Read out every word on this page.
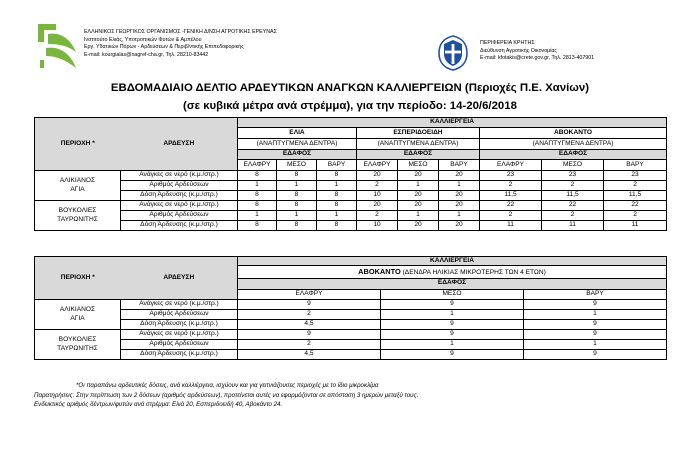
ΕΛΛΗΝΙΚΟΣ ΓΕΩΡΓΙΚΟΣ ΟΡΓΑΝΙΣΜΟΣ -ΓΕΝΙΚΗ Δ/ΝΣΗ ΑΓΡΟΤΙΚΗΣ ΕΡΕΥΝΑΣ
Ινστιτούτο Ελιάς, Υποτροπικών Φυτών & Αμπέλου
Εργ. Υδατικών Πόρων - Αρδεύσεων & Περιβ/ντικής Επιπεδοφορικής
E-mail: kourgialas@nagref-cha.gr, Τηλ. 28210-83442
ΠΕΡΙΦΕΡΕΙΑ ΚΡΗΤΗΣ
Διεύθυνση Αγροτικής Οικονομίας
E-mail: kfotakis@crete.gov.gr, Τηλ. 2813-407901
ΕΒΔΟΜΑΔΙΑΙΟ ΔΕΛΤΙΟ ΑΡΔΕΥΤΙΚΩΝ ΑΝΑΓΚΩΝ ΚΑΛΛΙΕΡΓΕΙΩΝ (Περιοχές Π.Ε. Χανίων)
(σε κυβικά μέτρα ανά στρέμμα), για την περίοδο: 14-20/6/2018
ΠΕΡΙΟΧΗ * ΑΡΔΕΥΣΗ		ΚΑΛΛΙΕΡΓΕΙΑ								
		ΕΛΙΑ			ΕΣΠΕΡΙΔΟΕΙΔΗ			ΑΒΟΚΑΝΤΟ		
		(ΑΝΑΠΤΥΓΜΕΝΑ ΔΕΝΤΡΑ)			(ΑΝΑΠΤΥΓΜΕΝΑ ΔΕΝΤΡΑ)			(ΑΝΑΠΤΥΓΜΕΝΑ ΔΕΝΤΡΑ)		
		ΕΔΑΦΟΣ			ΕΔΑΦΟΣ			ΕΔΑΦΟΣ		
		ΕΛΑΦΡΥ	ΜΕΣΟ	ΒΑΡΥ	ΕΛΑΦΡΥ	ΜΕΣΟ	ΒΑΡΥ	ΕΛΑΦΡΥ	ΜΕΣΟ	ΒΑΡΥ

ΑΛΙΚΙΑΝΟΣ
ΑΓΙΑ	Ανάγκες σε νερό (κ.μ./στρ.)	8	8	8	20	20	20	23	23	23
	Αριθμός Αρδεύσεων	1	1	1	2	1	1	2	2	2
	Δόση Άρδευσης (κ.μ./στρ.)	8	8	8	10	20	20	11,5	11,5	11,5

ΒΟΥΚΟΛΙΕΣ
ΤΑΥΡΩΝΙΤΗΣ	Ανάγκες σε νερό (κ.μ./στρ.)	8	8	8	20	20	20	22	22	22
	Αριθμός Αρδεύσεων	1	1	1	2	1	1	2	2	2
	Δόση Άρδευσης (κ.μ./στρ.)	8	8	8	10	20	20	11	11	11
ΠΕΡΙΟΧΗ * ΑΡΔΕΥΣΗ		ΚΑΛΛΙΕΡΓΕΙΑ		
		ΑΒΟΚΑΝΤΟ (ΔΕΝΔΡΑ ΗΛΙΚΙΑΣ ΜΙΚΡΟΤΕΡΗΣ ΤΩΝ 4 ΕΤΩΝ)		
		ΕΔΑΦΟΣ		
		ΕΛΑΦΡΥ	ΜΕΣΟ	ΒΑΡΥ

ΑΛΙΚΙΑΝΟΣ
ΑΓΙΑ	Ανάγκες σε νερό (κ.μ./στρ.)	9	9	9
	Αριθμός Αρδεύσεων	2	1	1
	Δόση Άρδευσης (κ.μ./στρ.)	4,5	9	9

ΒΟΥΚΟΛΙΕΣ
ΤΑΥΡΩΝΙΤΗΣ	Ανάγκες σε νερό (κ.μ./στρ.)	9	9	9
	Αριθμός Αρδεύσεων	2	1	1
	Δόση Άρδευσης (κ.μ./στρ.)	4,5	9	9
*Οι παραπάνω αρδευτικές δόσεις, ανά καλλιέργεια, ισχύουν και για γειτνιάζουσες περιοχές με το ίδιο μικροκλίμα
Παρατηρήσεις: Στην περίπτωση των 2 δόσεων (αριθμός αρδεύσεων), προτείνεται αυτές να εφαρμόζονται σε απόσταση 3 ημερών μεταξύ τους.
Ενδεικτικός αριθμός δέντρων/φυτών ανά στρέμμα: Ελιά 20, Εσπεριδοειδή 40, Αβοκάντο 24.
